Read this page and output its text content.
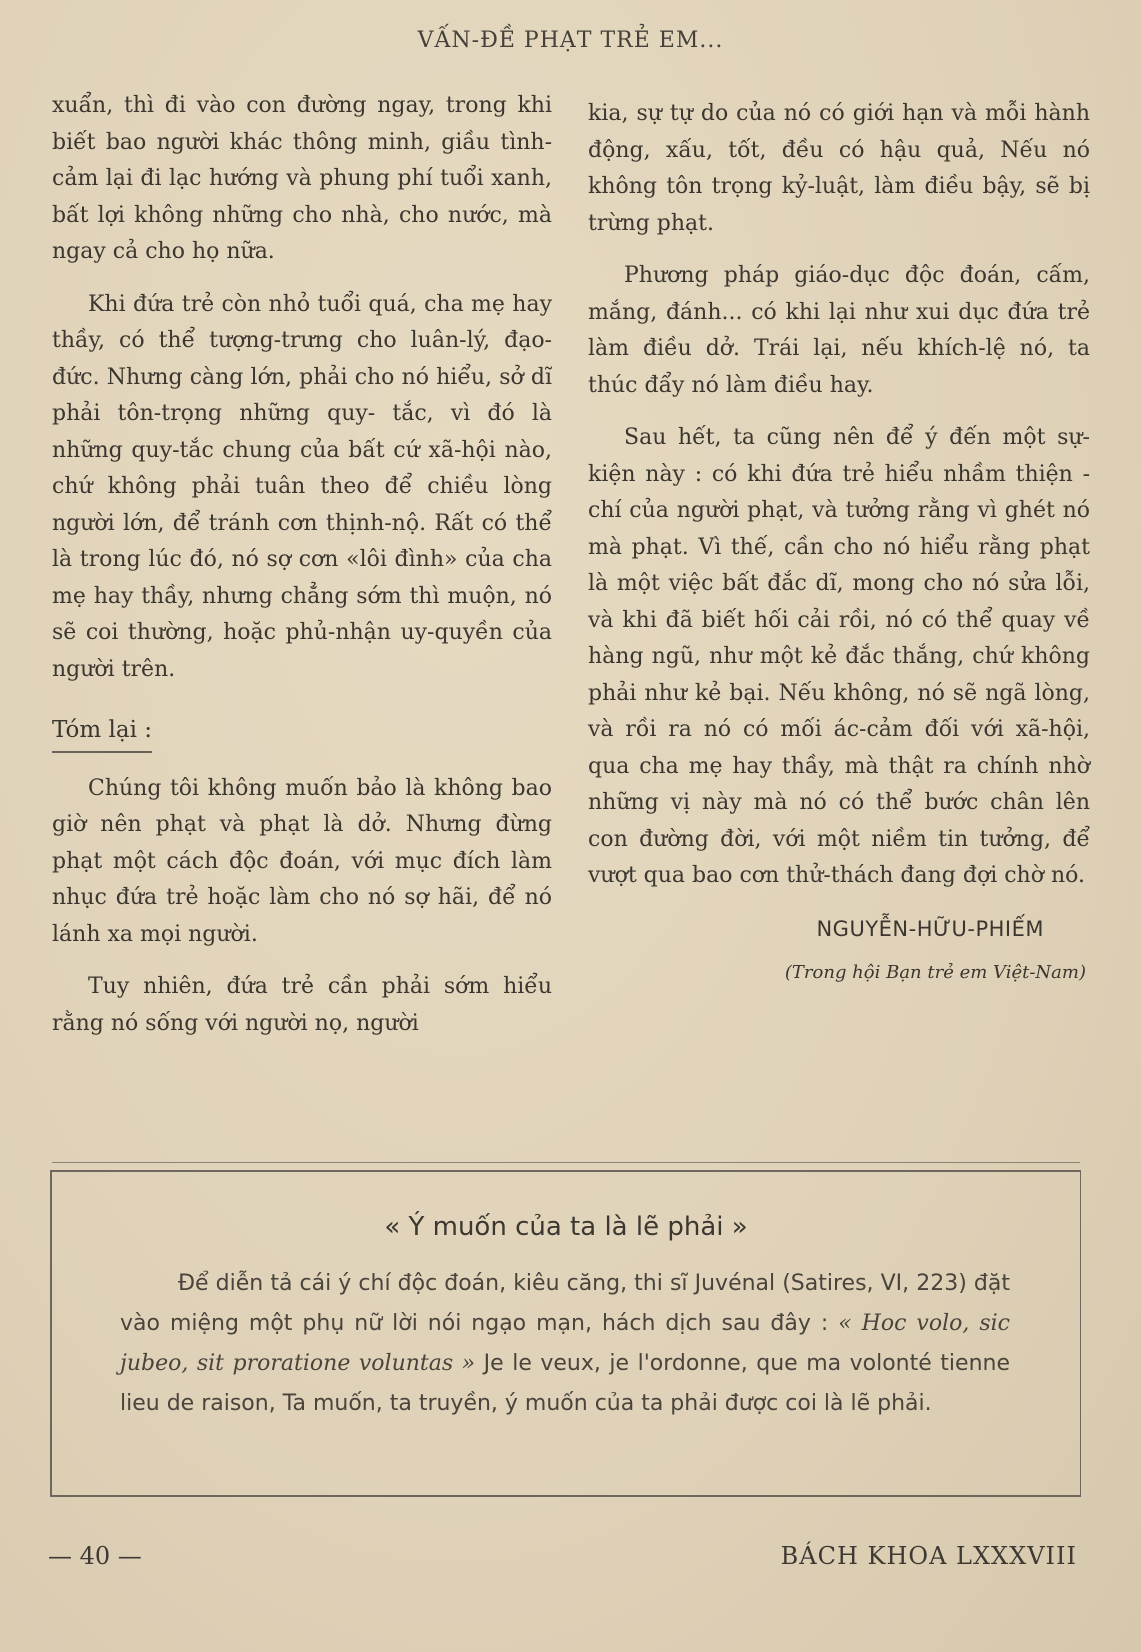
VẤN-ĐỀ PHẠT TRẺ EM...

xuẩn, thì đi vào con đường ngay, trong khi biết bao người khác thông minh, giầu tình-cảm lại đi lạc hướng và phung phí tuổi xanh, bất lợi không những cho nhà, cho nước, mà ngay cả cho họ nữa.

Khi đứa trẻ còn nhỏ tuổi quá, cha mẹ hay thầy, có thể tượng-trưng cho luân-lý, đạo-đức. Nhưng càng lớn, phải cho nó hiểu, sở dĩ phải tôn-trọng những quy- tắc, vì đó là những quy-tắc chung của bất cứ xã-hội nào, chứ không phải tuân theo để chiều lòng người lớn, để tránh cơn thịnh-nộ. Rất có thể là trong lúc đó, nó sợ cơn «lôi đình» của cha mẹ hay thầy, nhưng chẳng sớm thì muộn, nó sẽ coi thường, hoặc phủ-nhận uy-quyền của người trên.

Tóm lại :

Chúng tôi không muốn bảo là không bao giờ nên phạt và phạt là dở. Nhưng đừng phạt một cách độc đoán, với mục đích làm nhục đứa trẻ hoặc làm cho nó sợ hãi, để nó lánh xa mọi người.

Tuy nhiên, đứa trẻ cần phải sớm hiểu rằng nó sống với người nọ, người

kia, sự tự do của nó có giới hạn và mỗi hành động, xấu, tốt, đều có hậu quả, Nếu nó không tôn trọng kỷ-luật, làm điều bậy, sẽ bị trừng phạt.

Phương pháp giáo-dục độc đoán, cấm, mắng, đánh... có khi lại như xui dục đứa trẻ làm điều dở. Trái lại, nếu khích-lệ nó, ta thúc đẩy nó làm điều hay.

Sau hết, ta cũng nên để ý đến một sự-kiện này : có khi đứa trẻ hiểu nhầm thiện - chí của người phạt, và tưởng rằng vì ghét nó mà phạt. Vì thế, cần cho nó hiểu rằng phạt là một việc bất đắc dĩ, mong cho nó sửa lỗi, và khi đã biết hối cải rồi, nó có thể quay về hàng ngũ, như một kẻ đắc thắng, chứ không phải như kẻ bại. Nếu không, nó sẽ ngã lòng, và rồi ra nó có mối ác-cảm đối với xã-hội, qua cha mẹ hay thầy, mà thật ra chính nhờ những vị này mà nó có thể bước chân lên con đường đời, với một niềm tin tưởng, để vượt qua bao cơn thử-thách đang đợi chờ nó.

NGUYỄN-HỮU-PHIẾM
(Trong hội Bạn trẻ em Việt-Nam)
« Ý muốn của ta là lẽ phải »
Để diễn tả cái ý chí độc đoán, kiêu căng, thi sĩ Juvénal (Satires, VI, 223) đặt vào miệng một phụ nữ lời nói ngạo mạn, hách dịch sau đây : « Hoc volo, sic jubeo, sit proratione voluntas » Je le veux, je l'ordonne, que ma volonté tienne lieu de raison, Ta muốn, ta truyền, ý muốn của ta phải được coi là lẽ phải.
— 40 —	BÁCH KHOA LXXXVIII
